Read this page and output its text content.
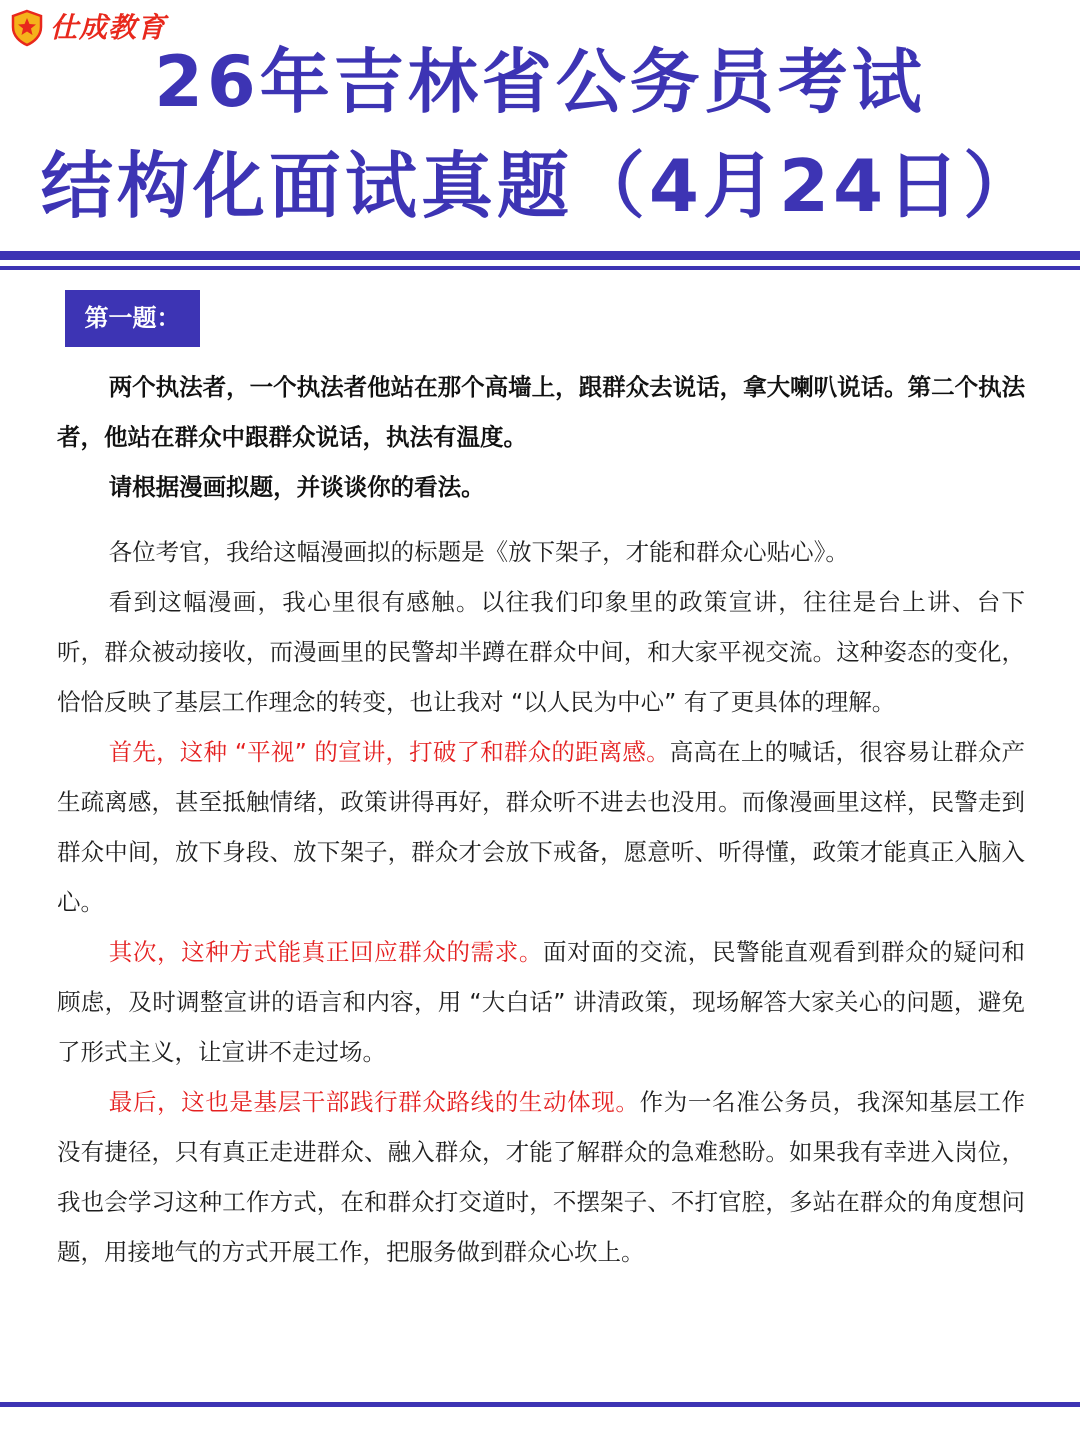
仕成教育
26年吉林省公务员考试
结构化面试真题（4月24日）
第一题：

两个执法者，一个执法者他站在那个高墙上，跟群众去说话，拿大喇叭说话。第二个执法者，他站在群众中跟群众说话，执法有温度。

请根据漫画拟题，并谈谈你的看法。

各位考官，我给这幅漫画拟的标题是《放下架子，才能和群众心贴心》。

看到这幅漫画，我心里很有感触。以往我们印象里的政策宣讲，往往是台上讲、台下听，群众被动接收，而漫画里的民警却半蹲在群众中间，和大家平视交流。这种姿态的变化，恰恰反映了基层工作理念的转变，也让我对 “以人民为中心” 有了更具体的理解。

首先，这种 “平视” 的宣讲，打破了和群众的距离感。高高在上的喊话，很容易让群众产生疏离感，甚至抵触情绪，政策讲得再好，群众听不进去也没用。而像漫画里这样，民警走到群众中间，放下身段、放下架子，群众才会放下戒备，愿意听、听得懂，政策才能真正入脑入心。

其次，这种方式能真正回应群众的需求。面对面的交流，民警能直观看到群众的疑问和顾虑，及时调整宣讲的语言和内容，用 “大白话” 讲清政策，现场解答大家关心的问题，避免了形式主义，让宣讲不走过场。

最后，这也是基层干部践行群众路线的生动体现。作为一名准公务员，我深知基层工作没有捷径，只有真正走进群众、融入群众，才能了解群众的急难愁盼。如果我有幸进入岗位，我也会学习这种工作方式，在和群众打交道时，不摆架子、不打官腔，多站在群众的角度想问题，用接地气的方式开展工作，把服务做到群众心坎上。
